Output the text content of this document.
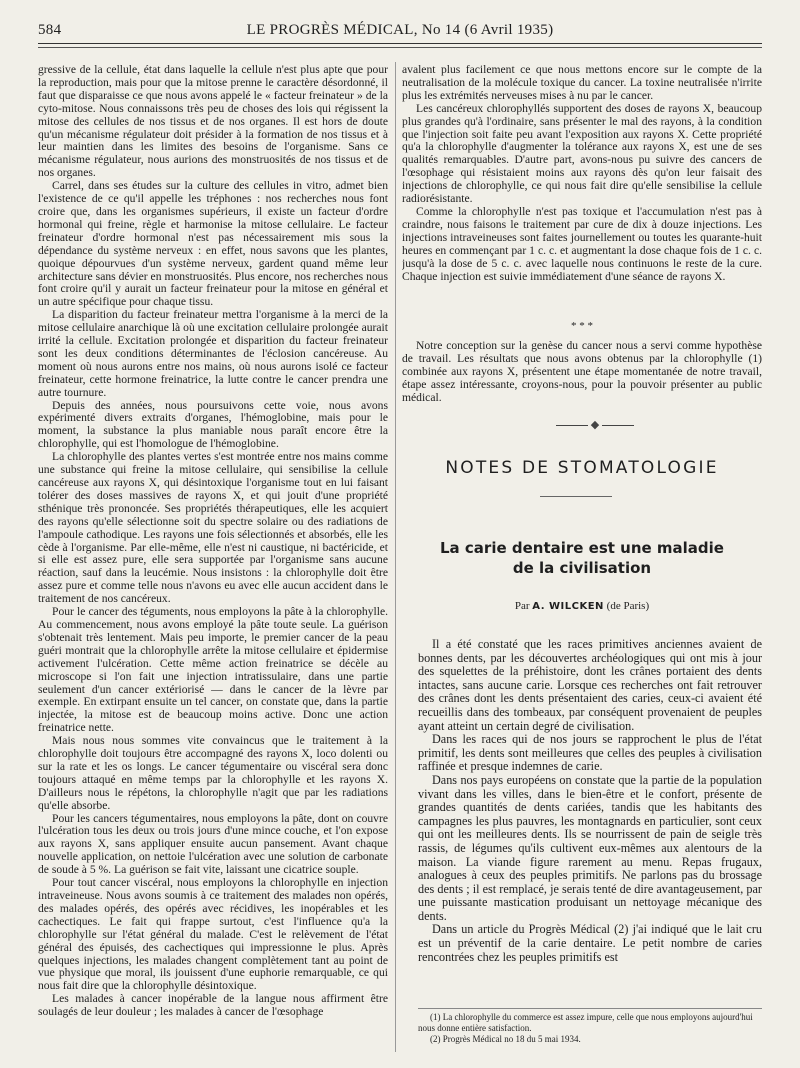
584	LE PROGRÈS MÉDICAL, No 14 (6 Avril 1935)

gressive de la cellule, état dans laquelle la cellule n'est plus apte que pour la reproduction, mais pour que la mitose prenne le caractère désordonné, il faut que disparaisse ce que nous avons appelé le « facteur freinateur » de la cyto-mitose. Nous connaissons très peu de choses des lois qui régissent la mitose des cellules de nos tissus et de nos organes. Il est hors de doute qu'un mécanisme régulateur doit présider à la formation de nos tissus et à leur maintien dans les limites des besoins de l'organisme. Sans ce mécanisme régulateur, nous aurions des monstruosités de nos tissus et de nos organes.

Carrel, dans ses études sur la culture des cellules in vitro, admet bien l'existence de ce qu'il appelle les tréphones : nos recherches nous font croire que, dans les organismes supérieurs, il existe un facteur d'ordre hormonal qui freine, règle et harmonise la mitose cellulaire. Le facteur freinateur d'ordre hormonal n'est pas nécessairement mis sous la dépendance du système nerveux : en effet, nous savons que les plantes, quoique dépourvues d'un système nerveux, gardent quand même leur architecture sans dévier en monstruosités. Plus encore, nos recherches nous font croire qu'il y aurait un facteur freinateur pour la mitose en général et un autre spécifique pour chaque tissu.

La disparition du facteur freinateur mettra l'organisme à la merci de la mitose cellulaire anarchique là où une excitation cellulaire prolongée aurait irrité la cellule. Excitation prolongée et disparition du facteur freinateur sont les deux conditions déterminantes de l'éclosion cancéreuse. Au moment où nous aurons entre nos mains, où nous aurons isolé ce facteur freinateur, cette hormone freinatrice, la lutte contre le cancer prendra une autre tournure.

Depuis des années, nous poursuivons cette voie, nous avons expérimenté divers extraits d'organes, l'hémoglobine, mais pour le moment, la substance la plus maniable nous paraît encore être la chlorophylle, qui est l'homologue de l'hémoglobine.

La chlorophylle des plantes vertes s'est montrée entre nos mains comme une substance qui freine la mitose cellulaire, qui sensibilise la cellule cancéreuse aux rayons X, qui désintoxique l'organisme tout en lui faisant tolérer des doses massives de rayons X, et qui jouit d'une propriété sthénique très prononcée. Ses propriétés thérapeutiques, elle les acquiert des rayons qu'elle sélectionne soit du spectre solaire ou des radiations de l'ampoule cathodique. Les rayons une fois sélectionnés et absorbés, elle les cède à l'organisme. Par elle-même, elle n'est ni caustique, ni bactéricide, et si elle est assez pure, elle sera supportée par l'organisme sans aucune réaction, sauf dans la leucémie. Nous insistons : la chlorophylle doit être assez pure et comme telle nous n'avons eu avec elle aucun accident dans le traitement de nos cancéreux.

Pour le cancer des téguments, nous employons la pâte à la chlorophylle. Au commencement, nous avons employé la pâte toute seule. La guérison s'obtenait très lentement. Mais peu importe, le premier cancer de la peau guéri montrait que la chlorophylle arrête la mitose cellulaire et épidermise activement l'ulcération. Cette même action freinatrice se décèle au microscope si l'on fait une injection intratissulaire, dans une partie seulement d'un cancer extériorisé — dans le cancer de la lèvre par exemple. En extirpant ensuite un tel cancer, on constate que, dans la partie injectée, la mitose est de beaucoup moins active. Donc une action freinatrice nette.

Mais nous nous sommes vite convaincus que le traitement à la chlorophylle doit toujours être accompagné des rayons X, loco dolenti ou sur la rate et les os longs. Le cancer tégumentaire ou viscéral sera donc toujours attaqué en même temps par la chlorophylle et les rayons X. D'ailleurs nous le répétons, la chlorophylle n'agit que par les radiations qu'elle absorbe.

Pour les cancers tégumentaires, nous employons la pâte, dont on couvre l'ulcération tous les deux ou trois jours d'une mince couche, et l'on expose aux rayons X, sans appliquer ensuite aucun pansement. Avant chaque nouvelle application, on nettoie l'ulcération avec une solution de carbonate de soude à 5 %. La guérison se fait vite, laissant une cicatrice souple.

Pour tout cancer viscéral, nous employons la chlorophylle en injection intraveineuse. Nous avons soumis à ce traitement des malades non opérés, des malades opérés, des opérés avec récidives, les inopérables et les cachectiques. Le fait qui frappe surtout, c'est l'influence qu'a la chlorophylle sur l'état général du malade. C'est le relèvement de l'état général des épuisés, des cachectiques qui impressionne le plus. Après quelques injections, les malades changent complètement tant au point de vue physique que moral, ils jouissent d'une euphorie remarquable, ce qui nous fait dire que la chlorophylle désintoxique.

Les malades à cancer inopérable de la langue nous affirment être soulagés de leur douleur ; les malades à cancer de l'œsophage

avalent plus facilement ce que nous mettons encore sur le compte de la neutralisation de la molécule toxique du cancer. La toxine neutralisée n'irrite plus les extrémités nerveuses mises à nu par le cancer.

Les cancéreux chlorophyllés supportent des doses de rayons X, beaucoup plus grandes qu'à l'ordinaire, sans présenter le mal des rayons, à la condition que l'injection soit faite peu avant l'exposition aux rayons X. Cette propriété qu'a la chlorophylle d'augmenter la tolérance aux rayons X, est une de ses qualités remarquables. D'autre part, avons-nous pu suivre des cancers de l'œsophage qui résistaient moins aux rayons dès qu'on leur faisait des injections de chlorophylle, ce qui nous fait dire qu'elle sensibilise la cellule radiorésistante.

Comme la chlorophylle n'est pas toxique et l'accumulation n'est pas à craindre, nous faisons le traitement par cure de dix à douze injections. Les injections intraveineuses sont faites journellement ou toutes les quarante-huit heures en commençant par 1 c. c. et augmentant la dose chaque fois de 1 c. c. jusqu'à la dose de 5 c. c. avec laquelle nous continuons le reste de la cure. Chaque injection est suivie immédiatement d'une séance de rayons X.

* * *

Notre conception sur la genèse du cancer nous a servi comme hypothèse de travail. Les résultats que nous avons obtenus par la chlorophylle (1) combinée aux rayons X, présentent une étape momentanée de notre travail, étape assez intéressante, croyons-nous, pour la pouvoir présenter au public médical.

◆
NOTES DE STOMATOLOGIE
La carie dentaire est une maladie
de la civilisation
Par A. WILCKEN (de Paris)

Il a été constaté que les races primitives anciennes avaient de bonnes dents, par les découvertes archéologiques qui ont mis à jour des squelettes de la préhistoire, dont les crânes portaient des dents intactes, sans aucune carie. Lorsque ces recherches ont fait retrouver des crânes dont les dents présentaient des caries, ceux-ci avaient été recueillis dans des tombeaux, par conséquent provenaient de peuples ayant atteint un certain degré de civilisation.

Dans les races qui de nos jours se rapprochent le plus de l'état primitif, les dents sont meilleures que celles des peuples à civilisation raffinée et presque indemnes de carie.

Dans nos pays européens on constate que la partie de la population vivant dans les villes, dans le bien-être et le confort, présente de grandes quantités de dents cariées, tandis que les habitants des campagnes les plus pauvres, les montagnards en particulier, sont ceux qui ont les meilleures dents. Ils se nourrissent de pain de seigle très rassis, de légumes qu'ils cultivent eux-mêmes aux alentours de la maison. La viande figure rarement au menu. Repas frugaux, analogues à ceux des peuples primitifs. Ne parlons pas du brossage des dents ; il est remplacé, je serais tenté de dire avantageusement, par une puissante mastication produisant un nettoyage mécanique des dents.

Dans un article du Progrès Médical (2) j'ai indiqué que le lait cru est un préventif de la carie dentaire. Le petit nombre de caries rencontrées chez les peuples primitifs est

(1) La chlorophylle du commerce est assez impure, celle que nous employons aujourd'hui nous donne entière satisfaction.

(2) Progrès Médical no 18 du 5 mai 1934.
